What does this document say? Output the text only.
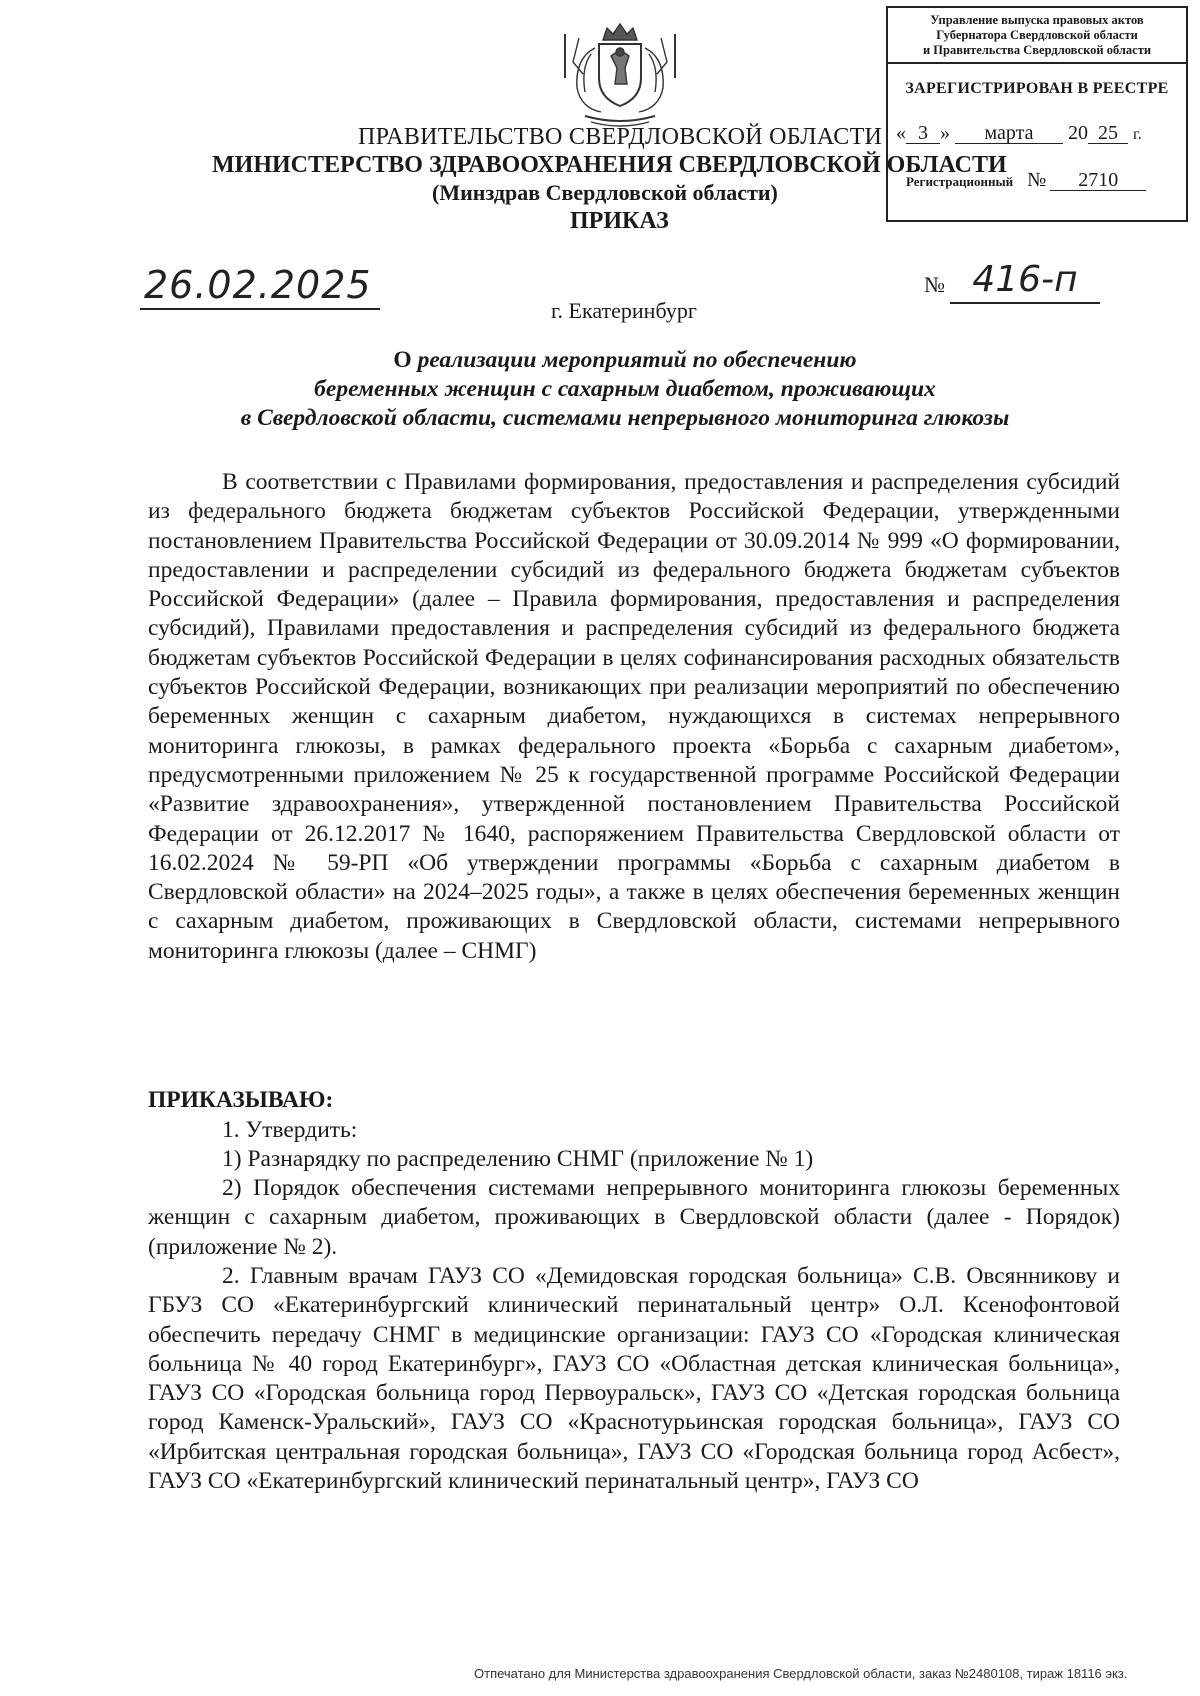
Управление выпуска правовых актов
Губернатора Свердловской области
и Правительства Свердловской области
ЗАРЕГИСТРИРОВАН В РЕЕСТРЕ
« 3 » марта 20 25 г.
Регистрационный № 2710
ПРАВИТЕЛЬСТВО СВЕРДЛОВСКОЙ ОБЛАСТИ
МИНИСТЕРСТВО ЗДРАВООХРАНЕНИЯ СВЕРДЛОВСКОЙ ОБЛАСТИ
(Минздрав Свердловской области)
ПРИКАЗ
26.02.2025	№ 416-п
г. Екатеринбург
О реализации мероприятий по обеспечению
беременных женщин с сахарным диабетом, проживающих
в Свердловской области, системами непрерывного мониторинга глюкозы
В соответствии с Правилами формирования, предоставления и распределения субсидий из федерального бюджета бюджетам субъектов Российской Федерации, утвержденными постановлением Правительства Российской Федерации от 30.09.2014 № 999 «О формировании, предоставлении и распределении субсидий из федерального бюджета бюджетам субъектов Российской Федерации» (далее – Правила формирования, предоставления и распределения субсидий), Правилами предоставления и распределения субсидий из федерального бюджета бюджетам субъектов Российской Федерации в целях софинансирования расходных обязательств субъектов Российской Федерации, возникающих при реализации мероприятий по обеспечению беременных женщин с сахарным диабетом, нуждающихся в системах непрерывного мониторинга глюкозы, в рамках федерального проекта «Борьба с сахарным диабетом», предусмотренными приложением № 25 к государственной программе Российской Федерации «Развитие здравоохранения», утвержденной постановлением Правительства Российской Федерации от 26.12.2017 № 1640, распоряжением Правительства Свердловской области от 16.02.2024 № 59-РП «Об утверждении программы «Борьба с сахарным диабетом в Свердловской области» на 2024–2025 годы», а также в целях обеспечения беременных женщин с сахарным диабетом, проживающих в Свердловской области, системами непрерывного мониторинга глюкозы (далее – СНМГ)
ПРИКАЗЫВАЮ:
1. Утвердить:
1) Разнарядку по распределению СНМГ (приложение № 1)
2) Порядок обеспечения системами непрерывного мониторинга глюкозы беременных женщин с сахарным диабетом, проживающих в Свердловской области (далее - Порядок) (приложение № 2).
2. Главным врачам ГАУЗ СО «Демидовская городская больница» С.В. Овсянникову и ГБУЗ СО «Екатеринбургский клинический перинатальный центр» О.Л. Ксенофонтовой обеспечить передачу СНМГ в медицинские организации: ГАУЗ СО «Городская клиническая больница № 40 город Екатеринбург», ГАУЗ СО «Областная детская клиническая больница», ГАУЗ СО «Городская больница город Первоуральск», ГАУЗ СО «Детская городская больница город Каменск-Уральский», ГАУЗ СО «Краснотурьинская городская больница», ГАУЗ СО «Ирбитская центральная городская больница», ГАУЗ СО «Городская больница город Асбест», ГАУЗ СО «Екатеринбургский клинический перинатальный центр», ГАУЗ СО
Отпечатано для Министерства здравоохранения Свердловской области, заказ №2480108, тираж 18116 экз.
